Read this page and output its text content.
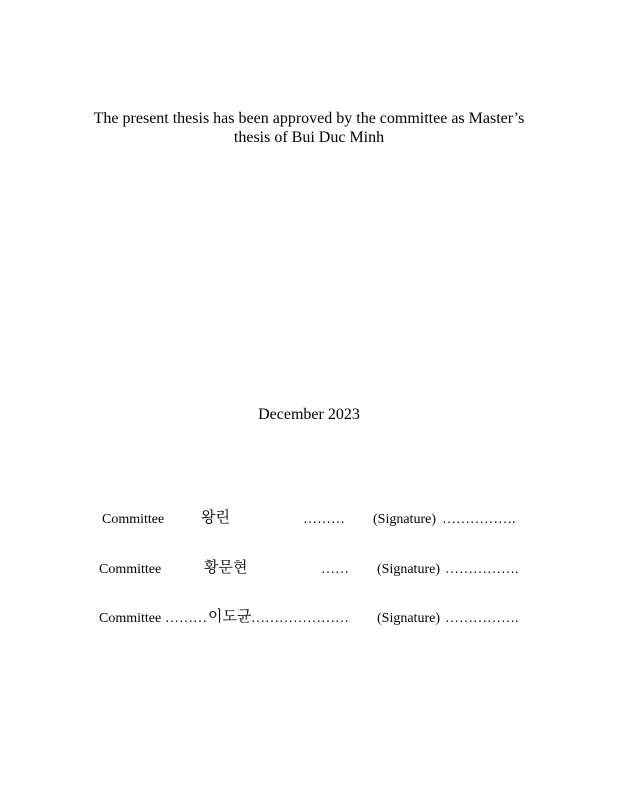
The present thesis has been approved by the committee as Master’s
thesis of Bui Duc Minh
December 2023
Committee 왕린	……… (Signature) …………….
Committee	황문현	…… (Signature) …………….
Committee ……… 이도균 ………………… (Signature) …………….
